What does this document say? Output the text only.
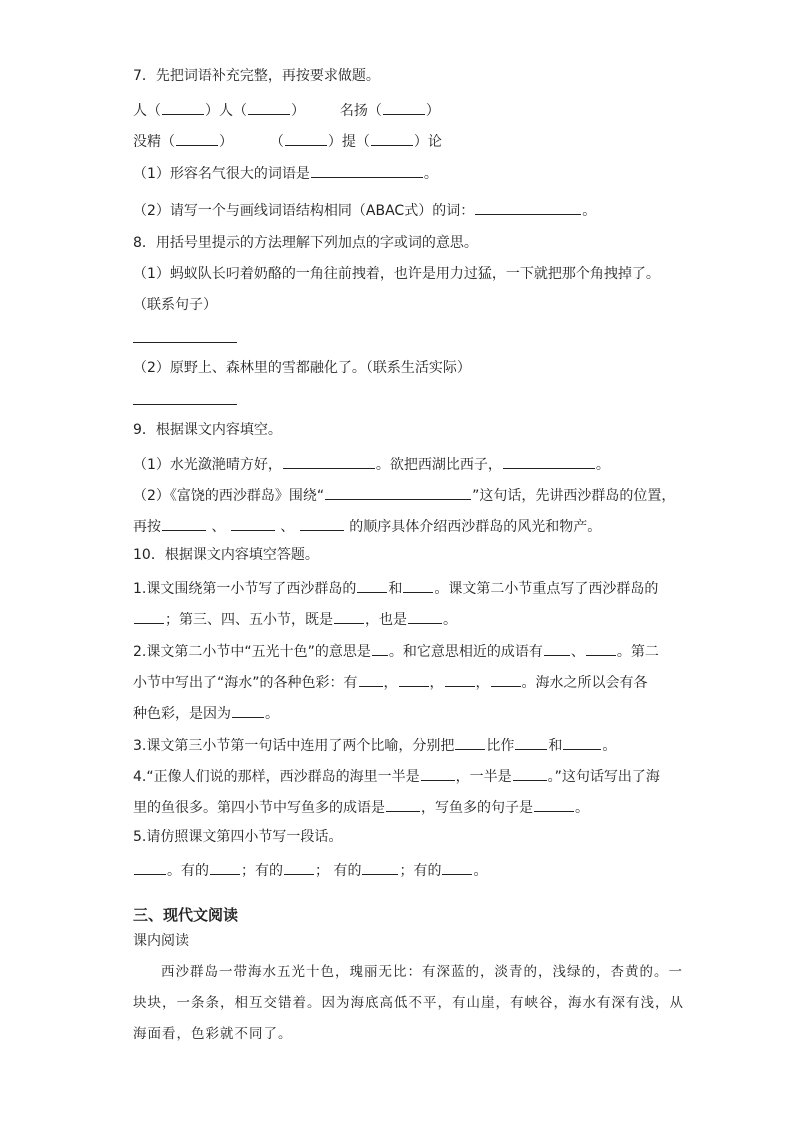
7．先把词语补充完整，再按要求做题。
人（	）人（	） 名扬（	）
没精（	）	（	）提（	）论
（1）形容名气很大的词语是	。
（2）请写一个与画线词语结构相同（ABAC式）的词：	。
8．用括号里提示的方法理解下列加点的字或词的意思。
（1）蚂蚁队长叼着奶酪的一角往前拽着，也许是用力过猛，一下就把那个角拽掉了。
（联系句子）
（2）原野上、森林里的雪都融化了。（联系生活实际）
9．根据课文内容填空。
（1）水光潋滟晴方好，	。欲把西湖比西子，	。
（2）《富饶的西沙群岛》围绕“	”这句话，先讲西沙群岛的位置，
再按	、	、	的顺序具体介绍西沙群岛的风光和物产。
10．根据课文内容填空答题。
1.课文围绕第一小节写了西沙群岛的 和 。课文第二小节重点写了西沙群岛的
；第三、四、五小节，既是 ，也是	。
2.课文第二小节中“五光十色”的意思是 。和它意思相近的成语有 、 。第二
小节中写出了“海水”的各种色彩：有 ， ， ， 。海水之所以会有各
种色彩，是因为 。
3.课文第三小节第一句话中连用了两个比喻，分别把 比作 和	。
4.“正像人们说的那样，西沙群岛的海里一半是	，一半是	。”这句话写出了海
里的鱼很多。第四小节中写鱼多的成语是	，写鱼多的句子是	。
5.请仿照课文第四小节写一段话。
。有的 ；有的 ； 有的	；有的 。
三、现代文阅读
课内阅读
西沙群岛一带海水五光十色，瑰丽无比：有深蓝的，淡青的，浅绿的，杏黄的。一
块块，一条条，相互交错着。因为海底高低不平，有山崖，有峡谷，海水有深有浅，从
海面看，色彩就不同了。
